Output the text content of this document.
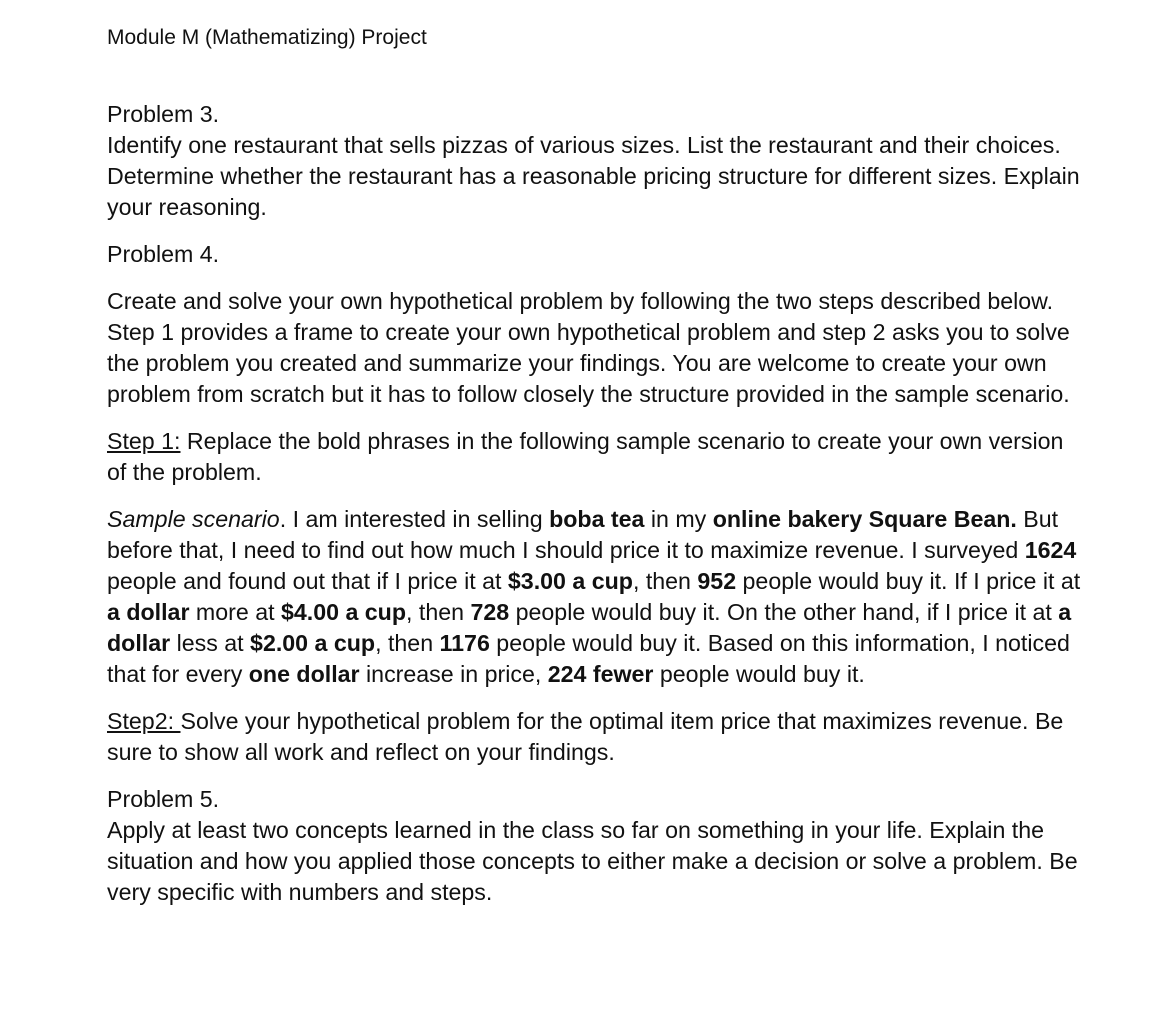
Module M (Mathematizing) Project

Problem 3.

Identify one restaurant that sells pizzas of various sizes. List the restaurant and their choices. Determine whether the restaurant has a reasonable pricing structure for different sizes. Explain your reasoning.

Problem 4.

Create and solve your own hypothetical problem by following the two steps described below. Step 1 provides a frame to create your own hypothetical problem and step 2 asks you to solve the problem you created and summarize your findings. You are welcome to create your own problem from scratch but it has to follow closely the structure provided in the sample scenario.

Step 1: Replace the bold phrases in the following sample scenario to create your own version of the problem.

Sample scenario. I am interested in selling boba tea in my online bakery Square Bean. But before that, I need to find out how much I should price it to maximize revenue. I surveyed 1624 people and found out that if I price it at $3.00 a cup, then 952 people would buy it. If I price it at a dollar more at $4.00 a cup, then 728 people would buy it. On the other hand, if I price it at a dollar less at $2.00 a cup, then 1176 people would buy it. Based on this information, I noticed that for every one dollar increase in price, 224 fewer people would buy it.

Step2: Solve your hypothetical problem for the optimal item price that maximizes revenue. Be sure to show all work and reflect on your findings.

Problem 5.

Apply at least two concepts learned in the class so far on something in your life. Explain the situation and how you applied those concepts to either make a decision or solve a problem. Be very specific with numbers and steps.
